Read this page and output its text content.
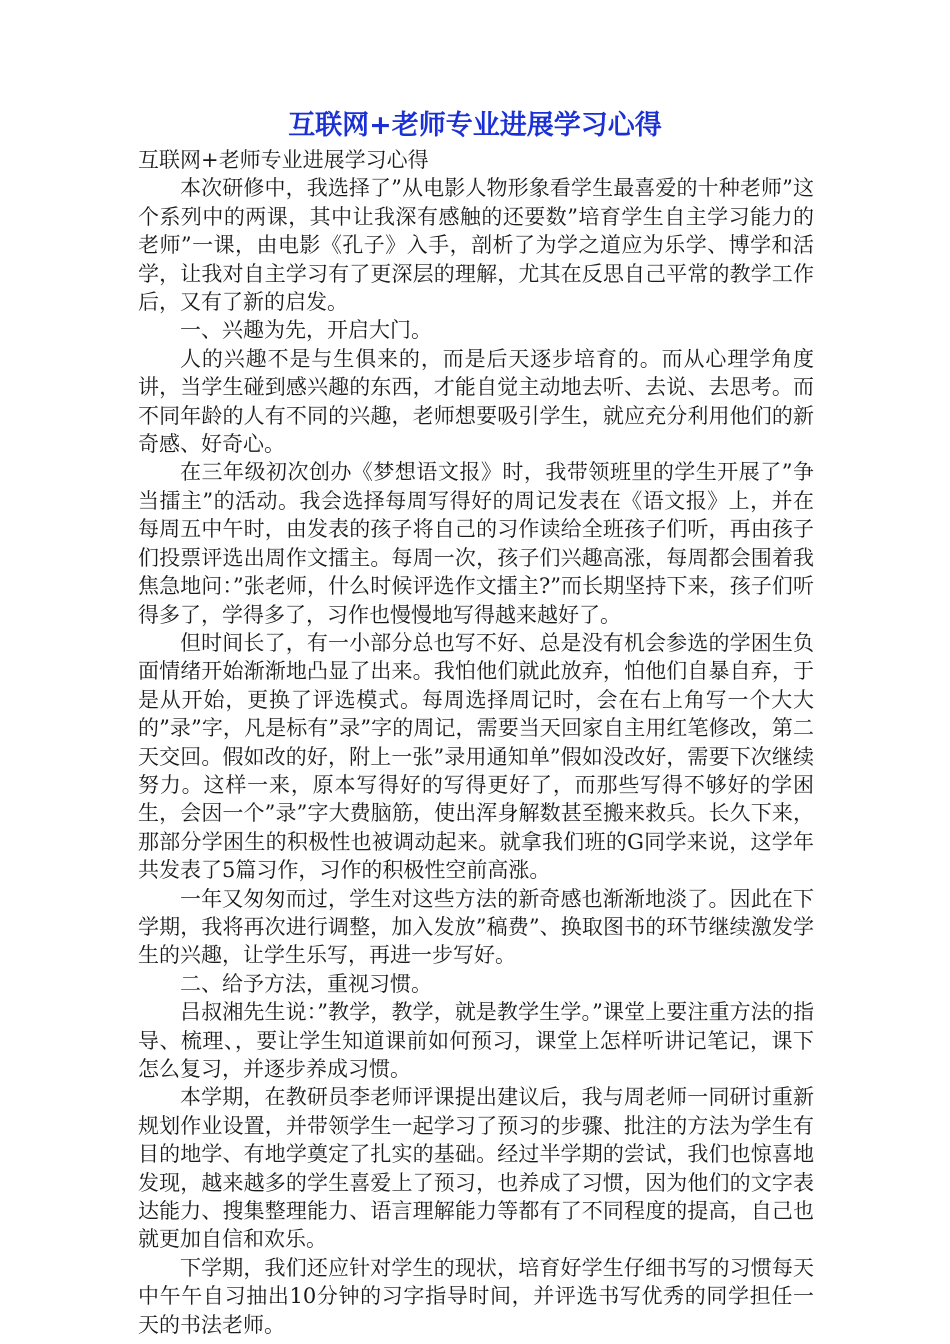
互联网+老师专业进展学习心得

互联网+老师专业进展学习心得

本次研修中，我选择了”从电影人物形象看学生最喜爱的十种老师”这个系列中的两课，其中让我深有感触的还要数”培育学生自主学习能力的老师”一课，由电影《孔子》入手，剖析了为学之道应为乐学、博学和活学，让我对自主学习有了更深层的理解，尤其在反思自己平常的教学工作后，又有了新的启发。

一、兴趣为先，开启大门。

人的兴趣不是与生俱来的，而是后天逐步培育的。而从心理学角度讲，当学生碰到感兴趣的东西，才能自觉主动地去听、去说、去思考。而不同年龄的人有不同的兴趣，老师想要吸引学生，就应充分利用他们的新奇感、好奇心。

在三年级初次创办《梦想语文报》时，我带领班里的学生开展了”争当擂主”的活动。我会选择每周写得好的周记发表在《语文报》上，并在每周五中午时，由发表的孩子将自己的习作读给全班孩子们听，再由孩子们投票评选出周作文擂主。每周一次，孩子们兴趣高涨，每周都会围着我焦急地问：”张老师，什么时候评选作文擂主?”而长期坚持下来，孩子们听得多了，学得多了，习作也慢慢地写得越来越好了。

但时间长了，有一小部分总也写不好、总是没有机会参选的学困生负面情绪开始渐渐地凸显了出来。我怕他们就此放弃，怕他们自暴自弃，于是从开始，更换了评选模式。每周选择周记时，会在右上角写一个大大的”录”字，凡是标有”录”字的周记，需要当天回家自主用红笔修改，第二天交回。假如改的好，附上一张”录用通知单”假如没改好，需要下次继续努力。这样一来，原本写得好的写得更好了，而那些写得不够好的学困生，会因一个”录”字大费脑筋，使出浑身解数甚至搬来救兵。长久下来，那部分学困生的积极性也被调动起来。就拿我们班的G同学来说，这学年共发表了5篇习作，习作的积极性空前高涨。

一年又匆匆而过，学生对这些方法的新奇感也渐渐地淡了。因此在下学期，我将再次进行调整，加入发放”稿费”、换取图书的环节继续激发学生的兴趣，让学生乐写，再进一步写好。

二、给予方法，重视习惯。

吕叔湘先生说：”教学，教学，就是教学生学。”课堂上要注重方法的指导、梳理、，要让学生知道课前如何预习，课堂上怎样听讲记笔记，课下怎么复习，并逐步养成习惯。

本学期，在教研员李老师评课提出建议后，我与周老师一同研讨重新规划作业设置，并带领学生一起学习了预习的步骤、批注的方法为学生有目的地学、有地学奠定了扎实的基础。经过半学期的尝试，我们也惊喜地发现，越来越多的学生喜爱上了预习，也养成了习惯，因为他们的文字表达能力、搜集整理能力、语言理解能力等都有了不同程度的提高，自己也就更加自信和欢乐。

下学期，我们还应针对学生的现状，培育好学生仔细书写的习惯每天中午午自习抽出10分钟的习字指导时间，并评选书写优秀的同学担任一天的书法老师。
